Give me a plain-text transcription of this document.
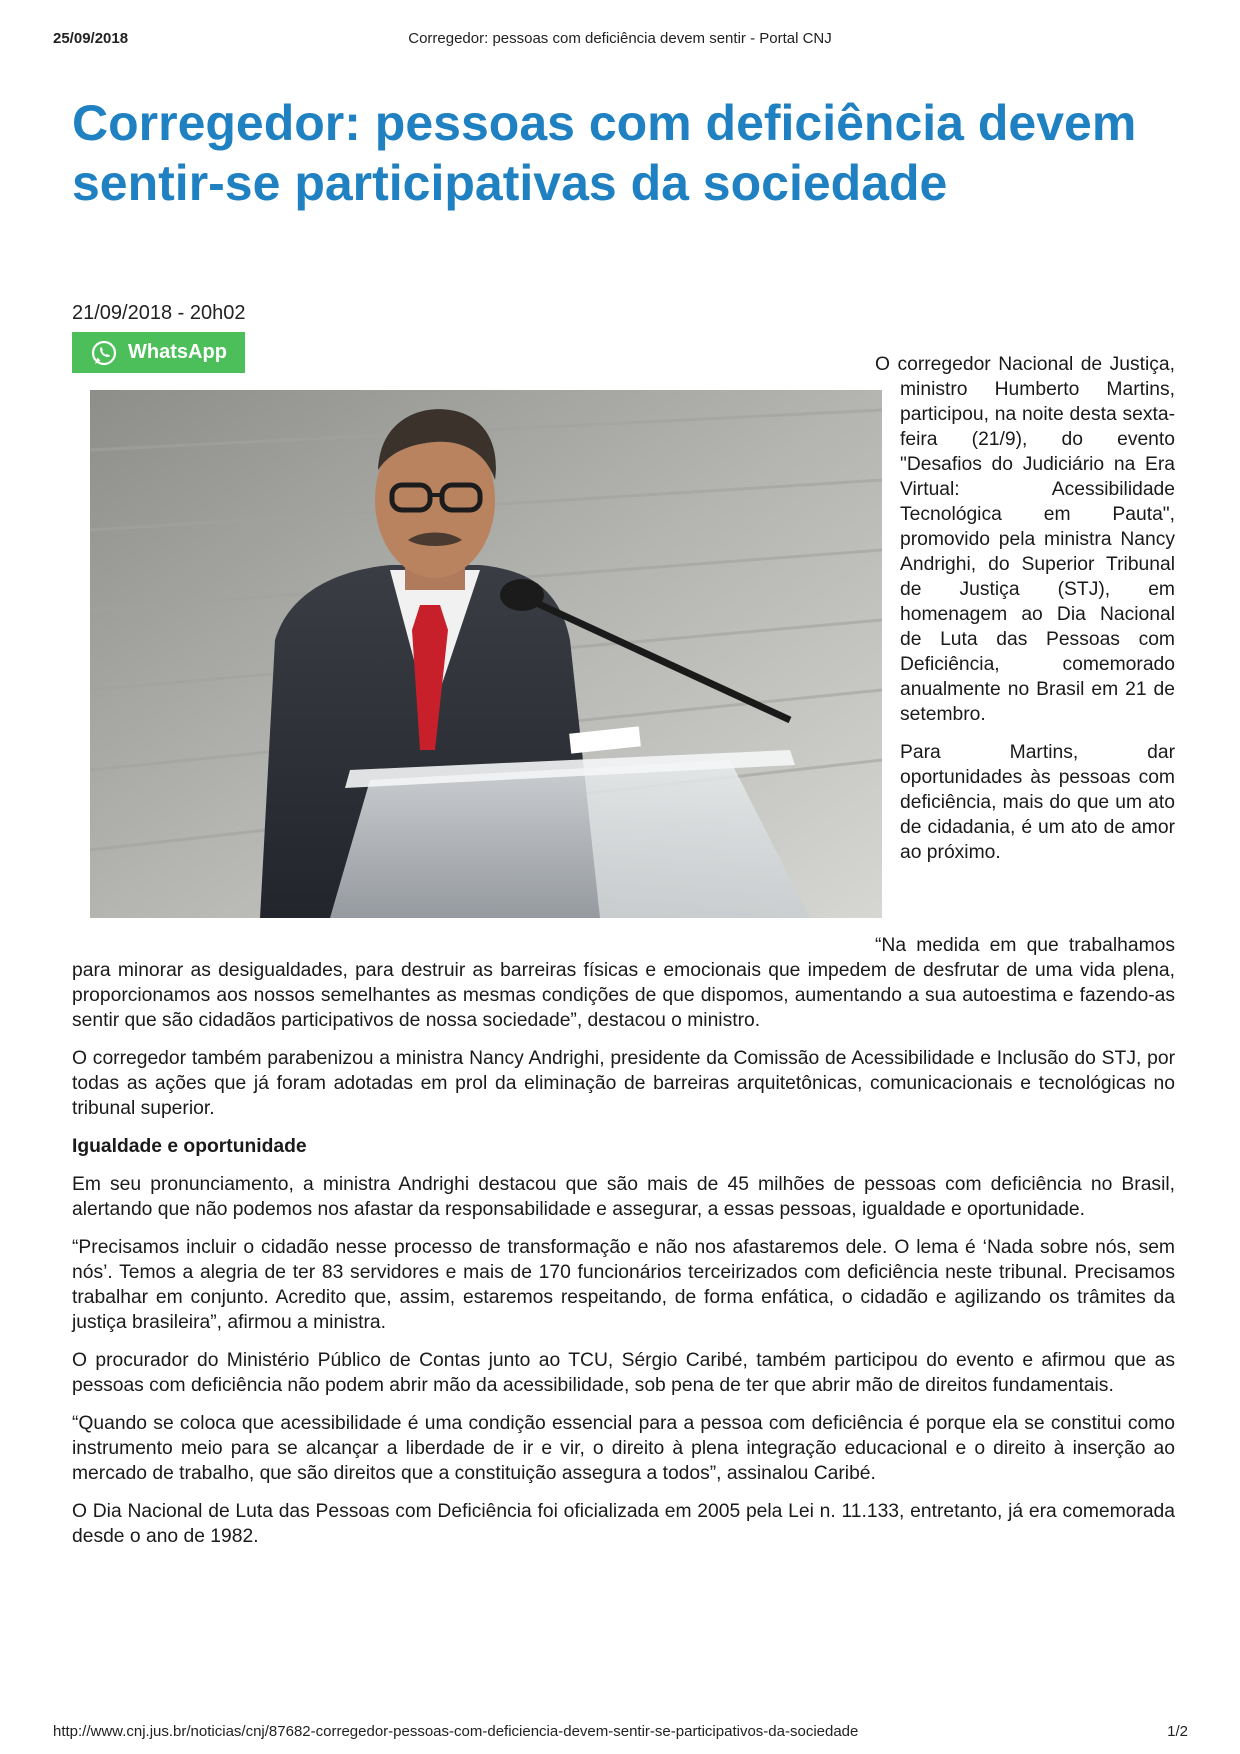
25/09/2018	Corregedor: pessoas com deficiência devem sentir - Portal CNJ
Corregedor: pessoas com deficiência devem sentir-se participativas da sociedade
21/09/2018 - 20h02
WhatsApp

O corregedor Nacional de Justiça, ministro Humberto Martins, participou, na noite desta sexta-feira (21/9), do evento "Desafios do Judiciário na Era Virtual: Acessibilidade Tecnológica em Pauta", promovido pela ministra Nancy Andrighi, do Superior Tribunal de Justiça (STJ), em homenagem ao Dia Nacional de Luta das Pessoas com Deficiência, comemorado anualmente no Brasil em 21 de setembro.

Para Martins, dar oportunidades às pessoas com deficiência, mais do que um ato de cidadania, é um ato de amor ao próximo.

“Na medida em que trabalhamos para minorar as desigualdades, para destruir as barreiras físicas e emocionais que impedem de desfrutar de uma vida plena, proporcionamos aos nossos semelhantes as mesmas condições de que dispomos, aumentando a sua autoestima e fazendo-as sentir que são cidadãos participativos de nossa sociedade”, destacou o ministro.

O corregedor também parabenizou a ministra Nancy Andrighi, presidente da Comissão de Acessibilidade e Inclusão do STJ, por todas as ações que já foram adotadas em prol da eliminação de barreiras arquitetônicas, comunicacionais e tecnológicas no tribunal superior.

Igualdade e oportunidade

Em seu pronunciamento, a ministra Andrighi destacou que são mais de 45 milhões de pessoas com deficiência no Brasil, alertando que não podemos nos afastar da responsabilidade e assegurar, a essas pessoas, igualdade e oportunidade.

“Precisamos incluir o cidadão nesse processo de transformação e não nos afastaremos dele. O lema é ‘Nada sobre nós, sem nós’. Temos a alegria de ter 83 servidores e mais de 170 funcionários terceirizados com deficiência neste tribunal. Precisamos trabalhar em conjunto. Acredito que, assim, estaremos respeitando, de forma enfática, o cidadão e agilizando os trâmites da justiça brasileira”, afirmou a ministra.

O procurador do Ministério Público de Contas junto ao TCU, Sérgio Caribé, também participou do evento e afirmou que as pessoas com deficiência não podem abrir mão da acessibilidade, sob pena de ter que abrir mão de direitos fundamentais.

“Quando se coloca que acessibilidade é uma condição essencial para a pessoa com deficiência é porque ela se constitui como instrumento meio para se alcançar a liberdade de ir e vir, o direito à plena integração educacional e o direito à inserção ao mercado de trabalho, que são direitos que a constituição assegura a todos”, assinalou Caribé.

O Dia Nacional de Luta das Pessoas com Deficiência foi oficializada em 2005 pela Lei n. 11.133, entretanto, já era comemorada desde o ano de 1982.

http://www.cnj.jus.br/noticias/cnj/87682-corregedor-pessoas-com-deficiencia-devem-sentir-se-participativos-da-sociedade	1/2
